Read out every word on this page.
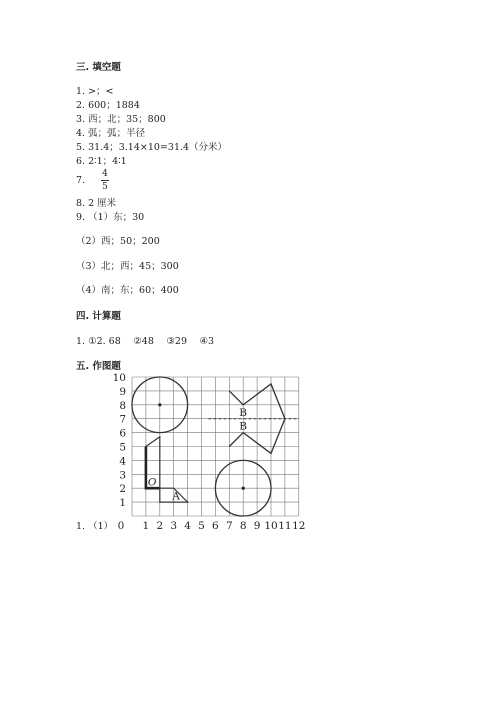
三. 填空题
1. >；<
2. 600；1884
3. 西；北；35；800
4. 弧；弧；半径
5. 31.4；3.14×10=31.4（分米）
6. 2∶1；4∶1
7.
4
5
8. 2 厘米
9. （1）东；30
（2）西；50；200
（3）北；西；45；300
（4）南；东；60；400
四. 计算题
1. ①2. 68　 ②48　 ③29　 ④3
五. 作图题
1. （1） 0 1 2 3 4 5 6 7 8 9 10 11 12
1
2
3
4
5
6
7
8
9
10
B
B
O
A
